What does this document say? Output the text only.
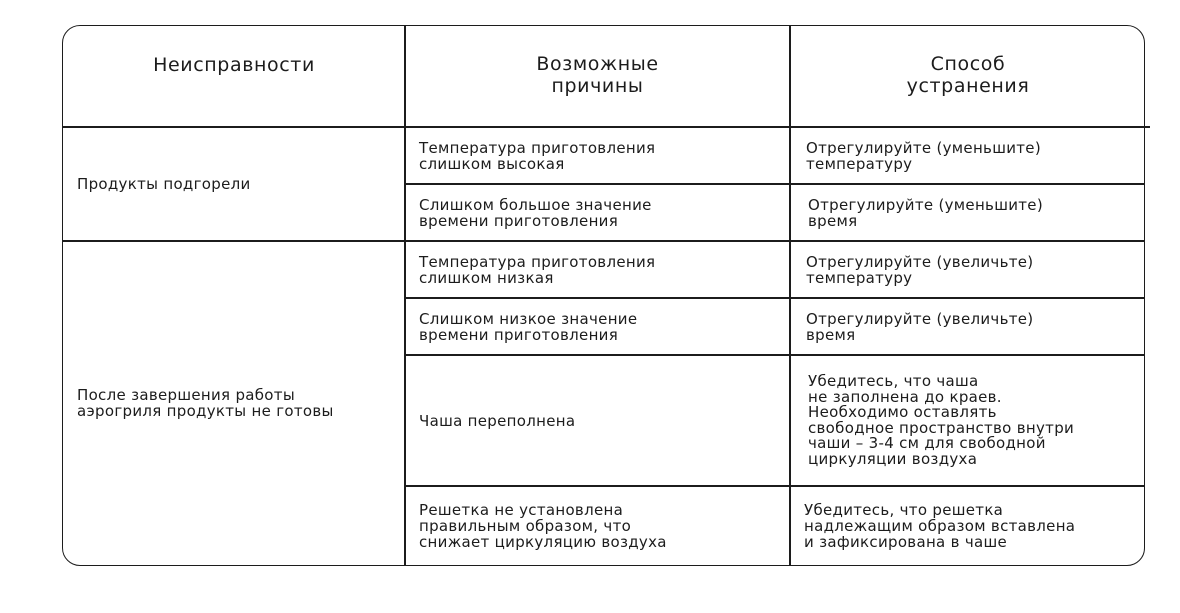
Неисправности	Возможные
причины
Способ
устранения
Продукты подгорели
Температура приготовления
слишком высокая
Отрегулируйте (уменьшите)
температуру
Слишком большое значение
времени приготовления
Отрегулируйте (уменьшите)
время
После завершения работы
аэрогриля продукты не готовы
Температура приготовления
слишком низкая
Отрегулируйте (увеличьте)
температуру
Слишком низкое значение
времени приготовления
Отрегулируйте (увеличьте)
время
Чаша переполнена
Убедитесь, что чаша
не заполнена до краев.
Необходимо оставлять
свободное пространство внутри
чаши – 3-4 см для свободной
циркуляции воздуха
Решетка не установлена
правильным образом, что
снижает циркуляцию воздуха
Убедитесь, что решетка
надлежащим образом вставлена
и зафиксирована в чаше
